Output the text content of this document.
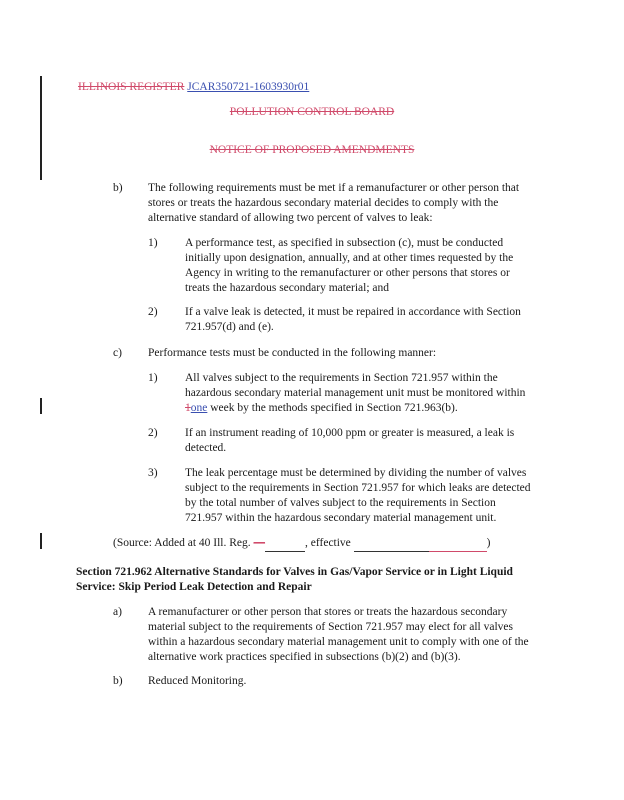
ILLINOIS REGISTER JCAR350721-1603930r01
POLLUTION CONTROL BOARD
NOTICE OF PROPOSED AMENDMENTS
b) The following requirements must be met if a remanufacturer or other person that
stores or treats the hazardous secondary material decides to comply with the
alternative standard of allowing two percent of valves to leak:
1) A performance test, as specified in subsection (c), must be conducted
initially upon designation, annually, and at other times requested by the
Agency in writing to the remanufacturer or other persons that stores or
treats the hazardous secondary material; and
2) If a valve leak is detected, it must be repaired in accordance with Section
721.957(d) and (e).
c) Performance tests must be conducted in the following manner:
1) All valves subject to the requirements in Section 721.957 within the
hazardous secondary material management unit must be monitored within
1one week by the methods specified in Section 721.963(b).
2) If an instrument reading of 10,000 ppm or greater is measured, a leak is
detected.
3) The leak percentage must be determined by dividing the number of valves
subject to the requirements in Section 721.957 for which leaks are detected
by the total number of valves subject to the requirements in Section
721.957 within the hazardous secondary material management unit.
(Source: Added at 40 Ill. Reg. —	, effective	)
Section 721.962 Alternative Standards for Valves in Gas/Vapor Service or in Light Liquid
Service: Skip Period Leak Detection and Repair
a) A remanufacturer or other person that stores or treats the hazardous secondary
material subject to the requirements of Section 721.957 may elect for all valves
within a hazardous secondary material management unit to comply with one of the
alternative work practices specified in subsections (b)(2) and (b)(3).
b) Reduced Monitoring.
